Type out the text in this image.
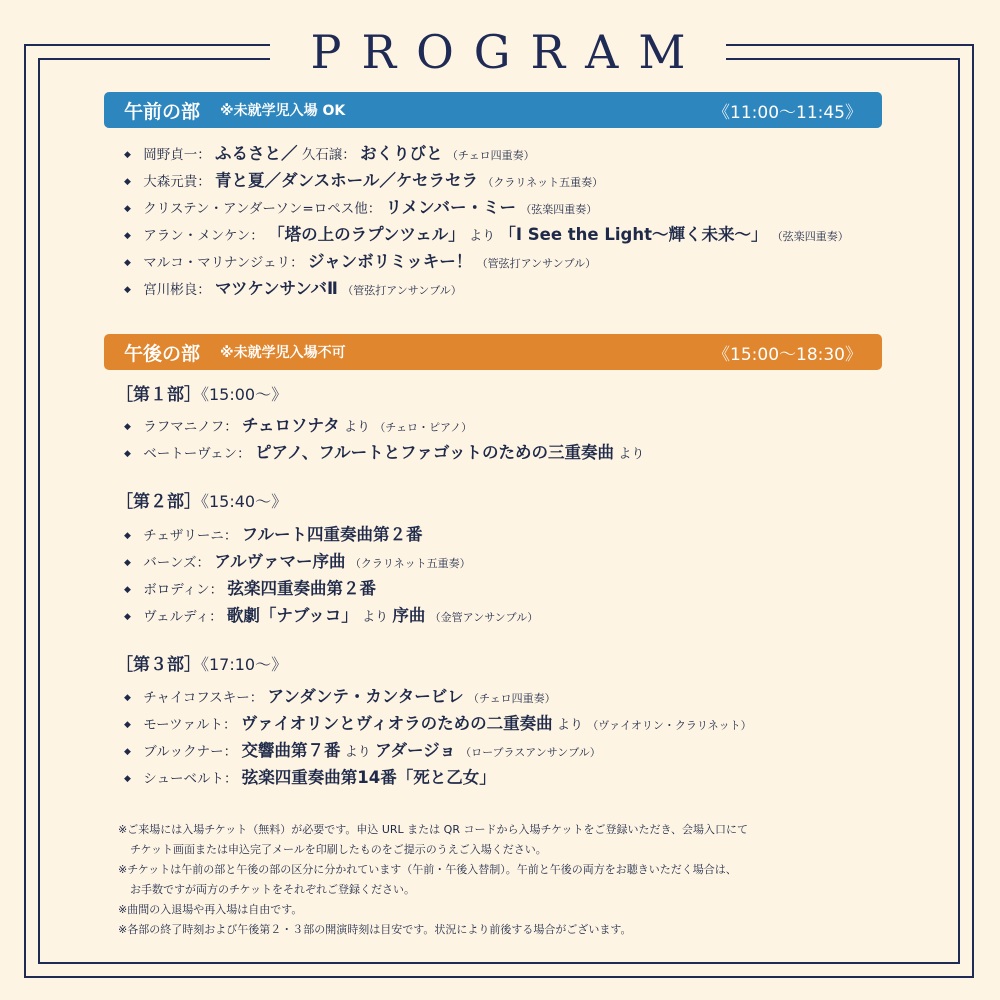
PROGRAM
午前の部 ※未就学児入場 OK	《11:00〜11:45》
◆ 岡野貞一： ふるさと／ 久石譲： おくりびと （チェロ四重奏）
◆ 大森元貴： 青と夏／ダンスホール／ケセラセラ （クラリネット五重奏）
◆ クリステン・アンダーソン=ロペス他： リメンバー・ミー （弦楽四重奏）
◆ アラン・メンケン： 「塔の上のラプンツェル」 より 「I See the Light〜輝く未来〜」 （弦楽四重奏）
◆ マルコ・マリナンジェリ： ジャンボリミッキー！ （管弦打アンサンブル）
◆ 宮川彬良： マツケンサンバⅡ （管弦打アンサンブル）
午後の部 ※未就学児入場不可	《15:00〜18:30》
［第１部］《15:00〜》
◆ ラフマニノフ： チェロソナタ より （チェロ・ピアノ）
◆ ベートーヴェン： ピアノ、フルートとファゴットのための三重奏曲 より
［第２部］《15:40〜》
◆ チェザリーニ： フルート四重奏曲第２番
◆ バーンズ： アルヴァマー序曲 （クラリネット五重奏）
◆ ボロディン： 弦楽四重奏曲第２番
◆ ヴェルディ： 歌劇「ナブッコ」 より 序曲 （金管アンサンブル）
［第３部］《17:10〜》
◆ チャイコフスキー： アンダンテ・カンタービレ （チェロ四重奏）
◆ モーツァルト： ヴァイオリンとヴィオラのための二重奏曲 より （ヴァイオリン・クラリネット）
◆ ブルックナー： 交響曲第７番 より アダージョ （ローブラスアンサンブル）
◆ シューベルト： 弦楽四重奏曲第14番「死と乙女」

※ご来場には入場チケット（無料）が必要です。申込 URL または QR コードから入場チケットをご登録いただき、会場入口にて

チケット画面または申込完了メールを印刷したものをご提示のうえご入場ください。

※チケットは午前の部と午後の部の区分に分かれています（午前・午後入替制）。午前と午後の両方をお聴きいただく場合は、

お手数ですが両方のチケットをそれぞれご登録ください。

※曲間の入退場や再入場は自由です。

※各部の終了時刻および午後第２・３部の開演時刻は目安です。状況により前後する場合がございます。
